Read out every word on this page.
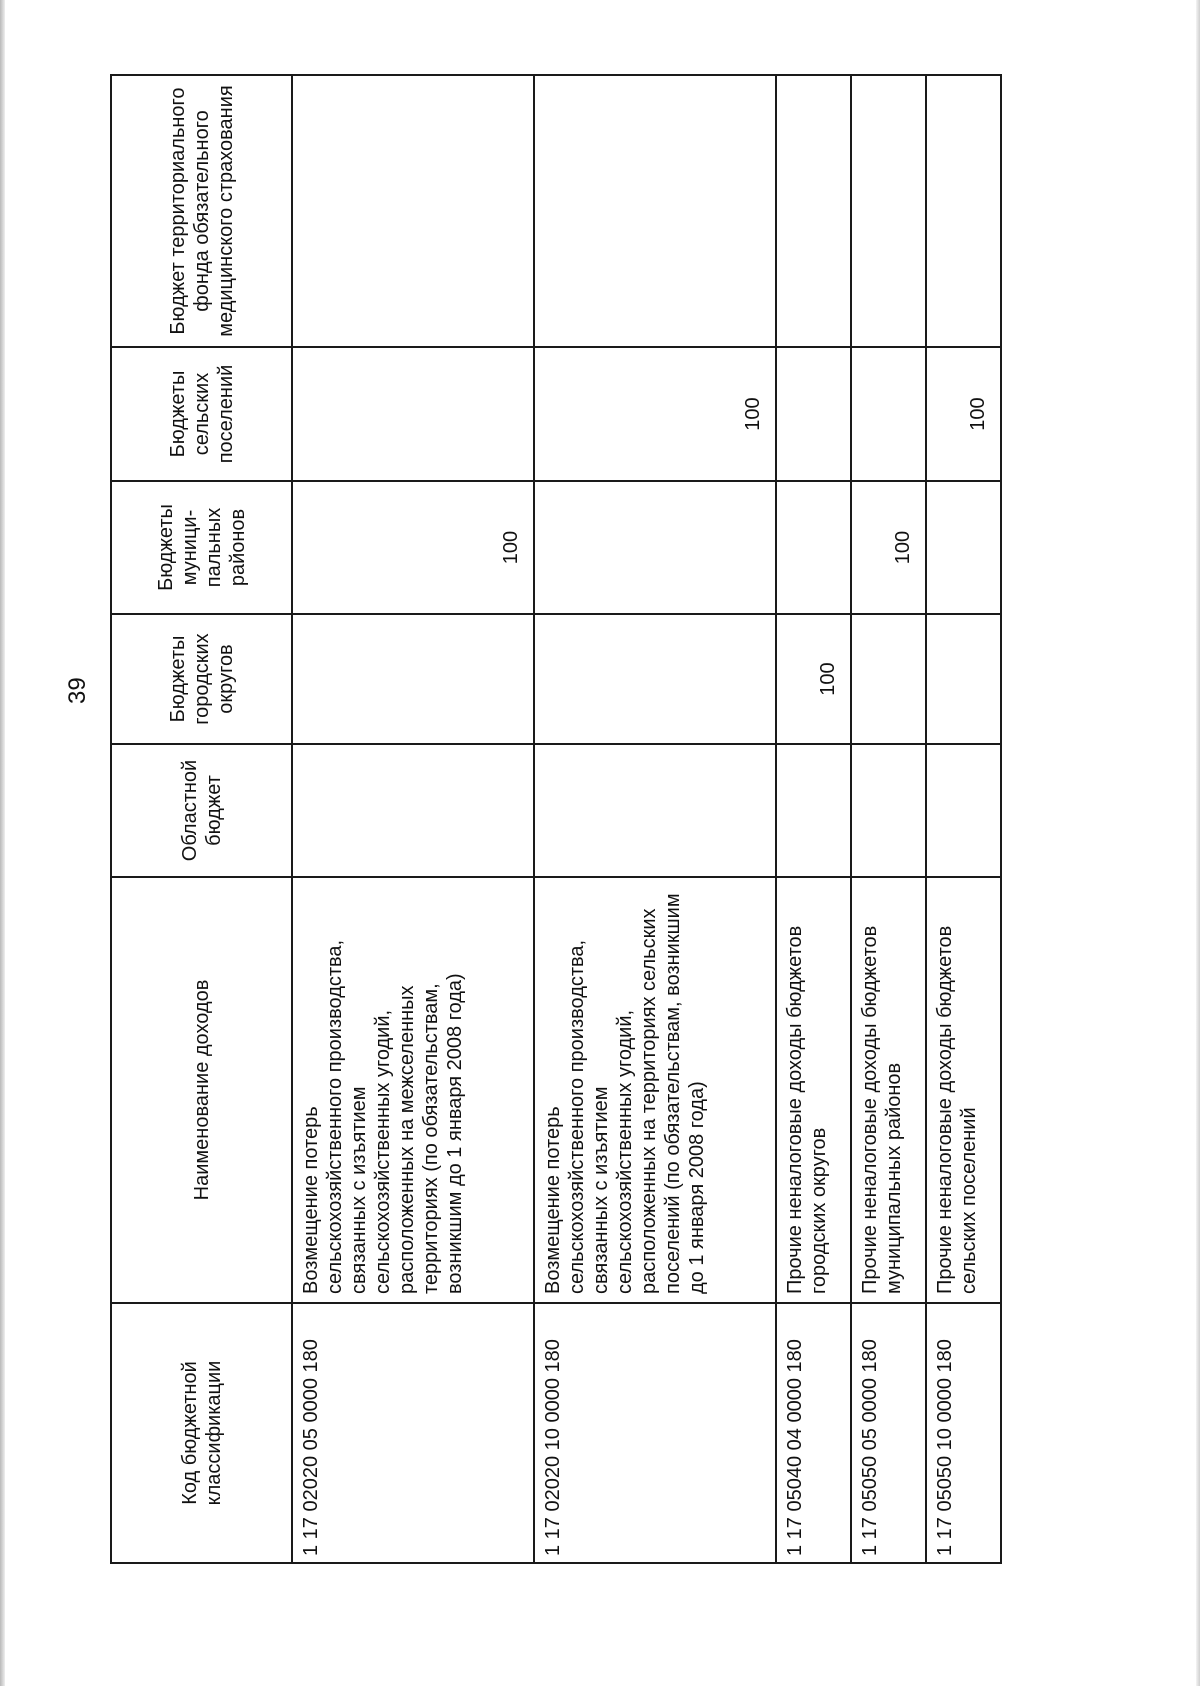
39
Код бюджетной классификации	Наименование доходов	Областной бюджет	Бюджеты городских округов	Бюджеты муници-пальных районов	Бюджеты сельских поселений	Бюджет территориального фонда обязательного медицинского страхования
1 17 02020 05 0000 180	Возмещение потерь сельскохозяйственного производства, связанных с изъятием сельскохозяйственных угодий, расположенных на межселенных территориях (по обязательствам, возникшим до 1 января 2008 года)			100		
1 17 02020 10 0000 180	Возмещение потерь сельскохозяйственного производства, связанных с изъятием сельскохозяйственных угодий, расположенных на территориях сельских поселений (по обязательствам, возникшим до 1 января 2008 года)				100	
1 17 05040 04 0000 180	Прочие неналоговые доходы бюджетов городских округов		100			
1 17 05050 05 0000 180	Прочие неналоговые доходы бюджетов муниципальных районов			100		
1 17 05050 10 0000 180	Прочие неналоговые доходы бюджетов сельских поселений				100	
